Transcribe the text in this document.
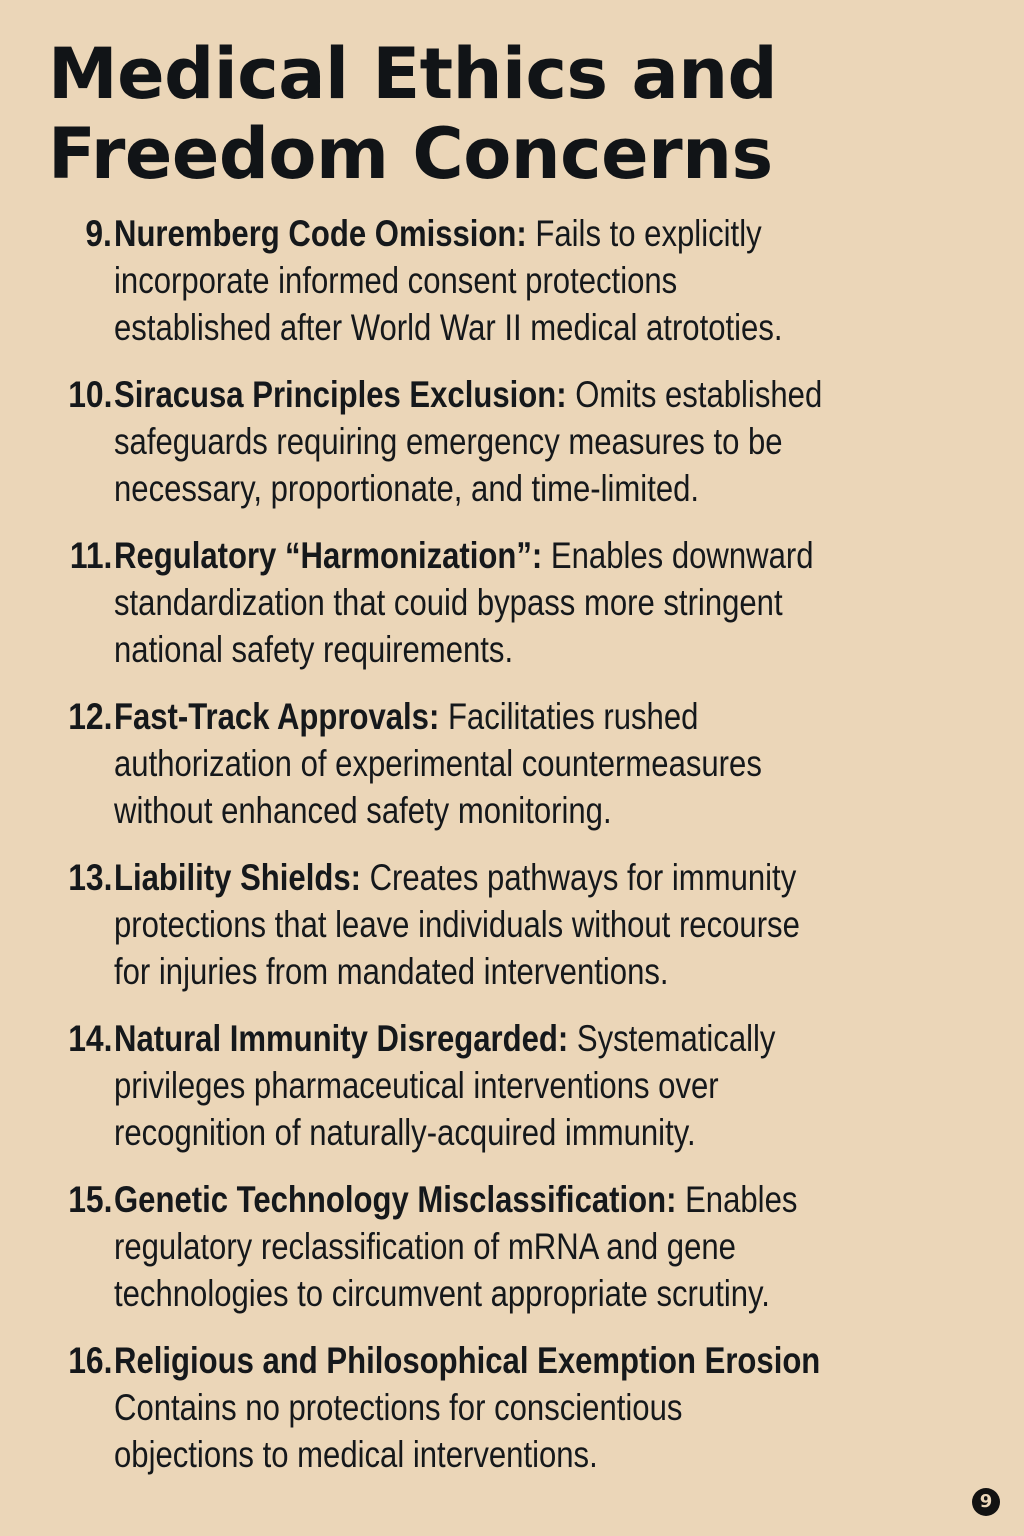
Medical Ethics and
Freedom Concerns
9. Nuremberg Code Omission: Fails to explicitly
incorporate informed consent protections
established after World War II medical atrototies.
10. Siracusa Principles Exclusion: Omits established
safeguards requiring emergency measures to be
necessary, proportionate, and time-limited.
11. Regulatory “Harmonization”: Enables downward
standardization that couid bypass more stringent
national safety requirements.
12. Fast-Track Approvals: Facilitaties rushed
authorization of experimental countermeasures
without enhanced safety monitoring.
13. Liability Shields: Creates pathways for immunity
protections that leave individuals without recourse
for injuries from mandated interventions.
14. Natural Immunity Disregarded: Systematically
privileges pharmaceutical interventions over
recognition of naturally-acquired immunity.
15. Genetic Technology Misclassification: Enables
regulatory reclassification of mRNA and gene
technologies to circumvent appropriate scrutiny.
16. Religious and Philosophical Exemption Erosion
Contains no protections for conscientious
objections to medical interventions.
9
